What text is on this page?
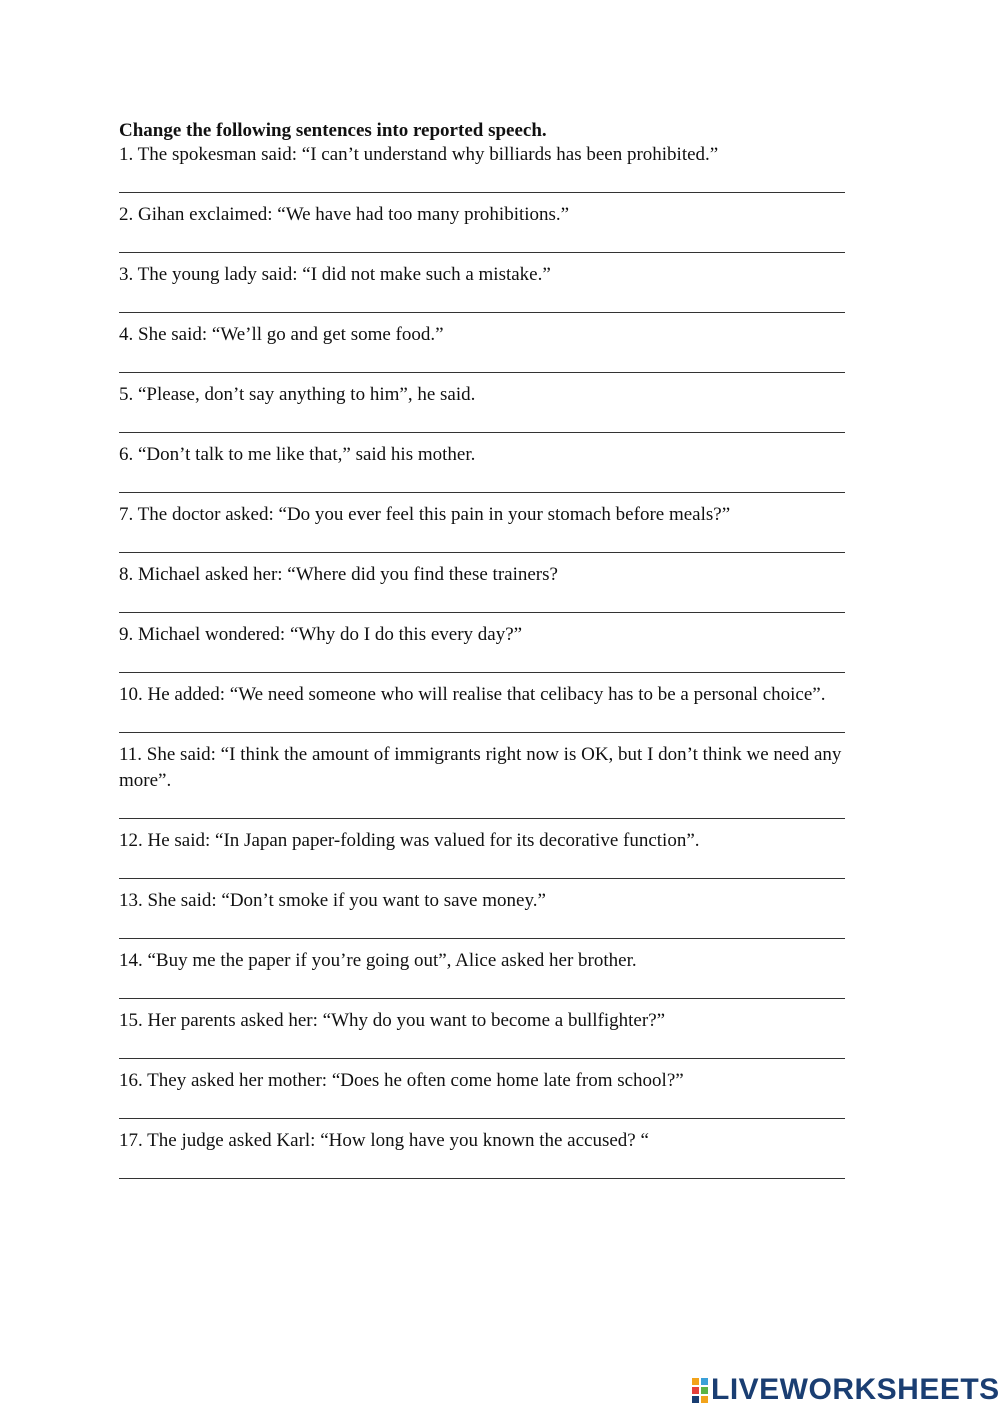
Change the following sentences into reported speech.

1. The spokesman said: “I can’t understand why billiards has been prohibited.”

2. Gihan exclaimed: “We have had too many prohibitions.”

3. The young lady said: “I did not make such a mistake.”

4. She said: “We’ll go and get some food.”

5. “Please, don’t say anything to him”, he said.

6. “Don’t talk to me like that,” said his mother.

7. The doctor asked: “Do you ever feel this pain in your stomach before meals?”

8. Michael asked her: “Where did you find these trainers?

9. Michael wondered: “Why do I do this every day?”

10. He added: “We need someone who will realise that celibacy has to be a personal choice”.

11. She said: “I think the amount of immigrants right now is OK, but I don’t think we need any more”.

12. He said: “In Japan paper-folding was valued for its decorative function”.

13. She said: “Don’t smoke if you want to save money.”

14. “Buy me the paper if you’re going out”, Alice asked her brother.

15. Her parents asked her: “Why do you want to become a bullfighter?”

16. They asked her mother: “Does he often come home late from school?”

17. The judge asked Karl: “How long have you known the accused? “

LIVEWORKSHEETS
